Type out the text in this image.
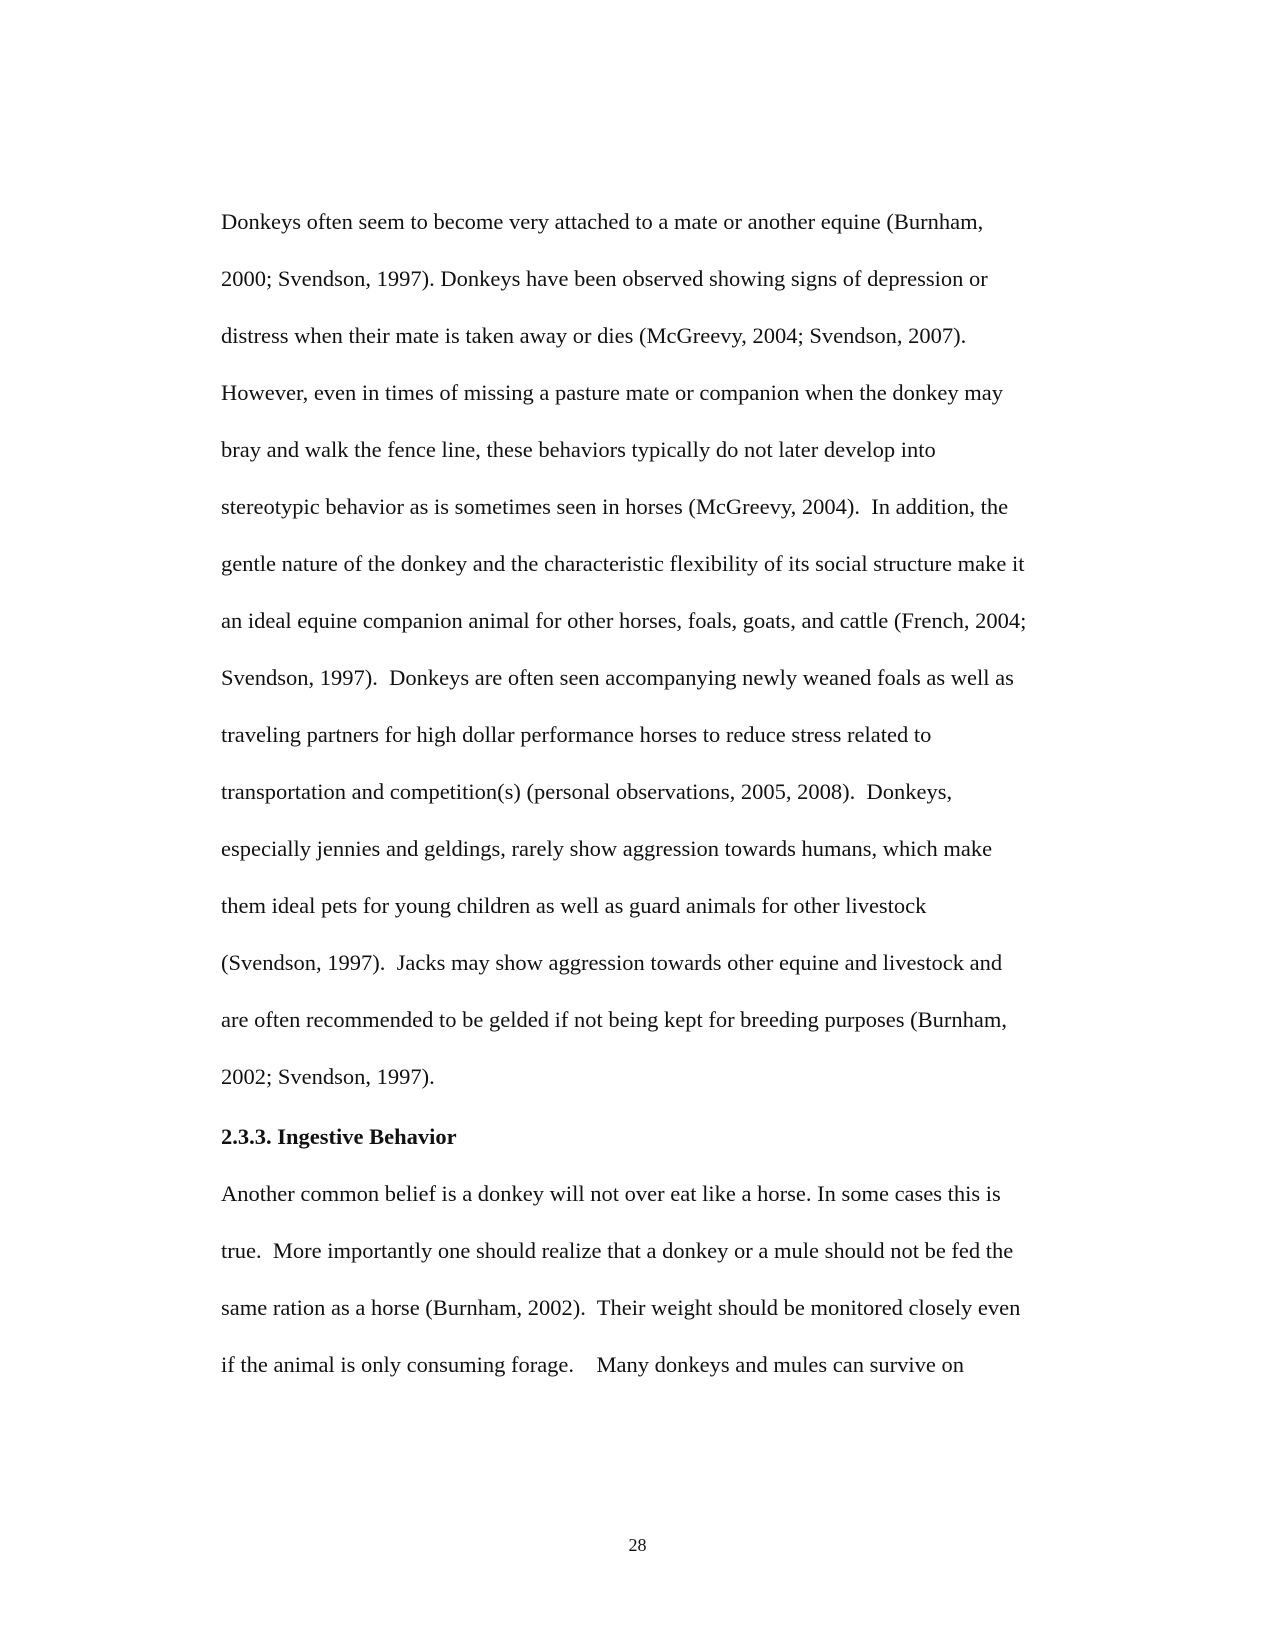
Donkeys often seem to become very attached to a mate or another equine (Burnham,
2000; Svendson, 1997). Donkeys have been observed showing signs of depression or
distress when their mate is taken away or dies (McGreevy, 2004; Svendson, 2007).
However, even in times of missing a pasture mate or companion when the donkey may
bray and walk the fence line, these behaviors typically do not later develop into
stereotypic behavior as is sometimes seen in horses (McGreevy, 2004).  In addition, the
gentle nature of the donkey and the characteristic flexibility of its social structure make it
an ideal equine companion animal for other horses, foals, goats, and cattle (French, 2004;
Svendson, 1997).  Donkeys are often seen accompanying newly weaned foals as well as
traveling partners for high dollar performance horses to reduce stress related to
transportation and competition(s) (personal observations, 2005, 2008).  Donkeys,
especially jennies and geldings, rarely show aggression towards humans, which make
them ideal pets for young children as well as guard animals for other livestock
(Svendson, 1997).  Jacks may show aggression towards other equine and livestock and
are often recommended to be gelded if not being kept for breeding purposes (Burnham,
2002; Svendson, 1997).
2.3.3. Ingestive Behavior
Another common belief is a donkey will not over eat like a horse. In some cases this is
true.  More importantly one should realize that a donkey or a mule should not be fed the
same ration as a horse (Burnham, 2002).  Their weight should be monitored closely even
if the animal is only consuming forage.    Many donkeys and mules can survive on
28
